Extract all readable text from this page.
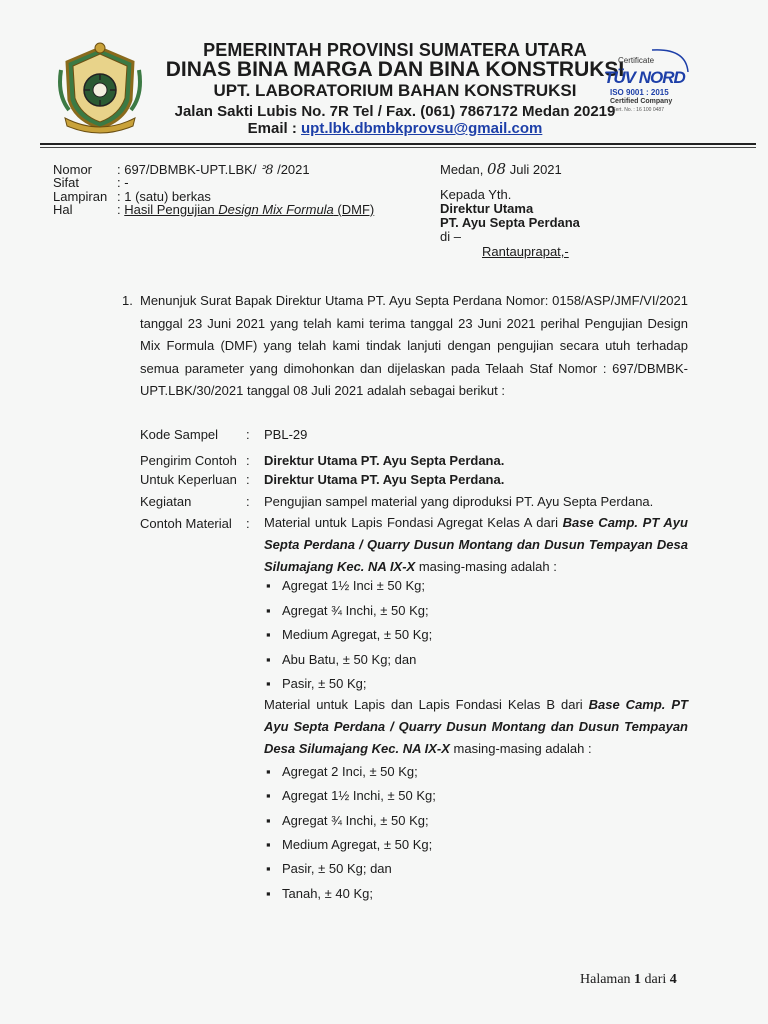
PEMERINTAH PROVINSI SUMATERA UTARA
DINAS BINA MARGA DAN BINA KONSTRUKSI
UPT. LABORATORIUM BAHAN KONSTRUKSI
Jalan Sakti Lubis No. 7R Tel / Fax. (061) 7867172 Medan 20219
Email : upt.lbk.dbmbkprovsu@gmail.com
Certificate
TÜV NORD
ISO 9001 : 2015
Certified Company
Cert. No. : 16 100 0487
Nomor : 697/DBMBK-UPT.LBK/ ᐣ8 /2021
Sifat	: -
Lampiran : 1 (satu) berkas
Hal	: Hasil Pengujian Design Mix Formula (DMF)
Medan, 08 Juli 2021
Kepada Yth.
Direktur Utama
PT. Ayu Septa Perdana
di –
Rantauprapat,-
1. Menunjuk Surat Bapak Direktur Utama PT. Ayu Septa Perdana Nomor: 0158/ASP/JMF/VI/2021 tanggal 23 Juni 2021 yang telah kami terima tanggal 23 Juni 2021 perihal Pengujian Design Mix Formula (DMF) yang telah kami tindak lanjuti dengan pengujian secara utuh terhadap semua parameter yang dimohonkan dan dijelaskan pada Telaah Staf Nomor : 697/DBMBK-UPT.LBK/30/2021 tanggal 08 Juli 2021 adalah sebagai berikut :
Kode Sampel : PBL-29
Pengirim Contoh : Direktur Utama PT. Ayu Septa Perdana.
Untuk Keperluan : Direktur Utama PT. Ayu Septa Perdana.
Kegiatan	: Pengujian sampel material yang diproduksi PT. Ayu Septa Perdana.
Contoh Material : Material untuk Lapis Fondasi Agregat Kelas A dari Base Camp. PT Ayu Septa Perdana / Quarry Dusun Montang dan Dusun Tempayan Desa Silumajang Kec. NA IX-X masing-masing adalah :
▪ Agregat 1½ Inci ± 50 Kg;
▪ Agregat ¾ Inchi, ± 50 Kg;
▪ Medium Agregat, ± 50 Kg;
▪ Abu Batu, ± 50 Kg; dan
▪ Pasir, ± 50 Kg;
Material untuk Lapis dan Lapis Fondasi Kelas B dari Base Camp. PT Ayu Septa Perdana / Quarry Dusun Montang dan Dusun Tempayan Desa Silumajang Kec. NA IX-X masing-masing adalah :
▪ Agregat 2 Inci, ± 50 Kg;
▪ Agregat 1½ Inchi, ± 50 Kg;
▪ Agregat ¾ Inchi, ± 50 Kg;
▪ Medium Agregat, ± 50 Kg;
▪ Pasir, ± 50 Kg; dan
▪ Tanah, ± 40 Kg;
Halaman 1 dari 4
